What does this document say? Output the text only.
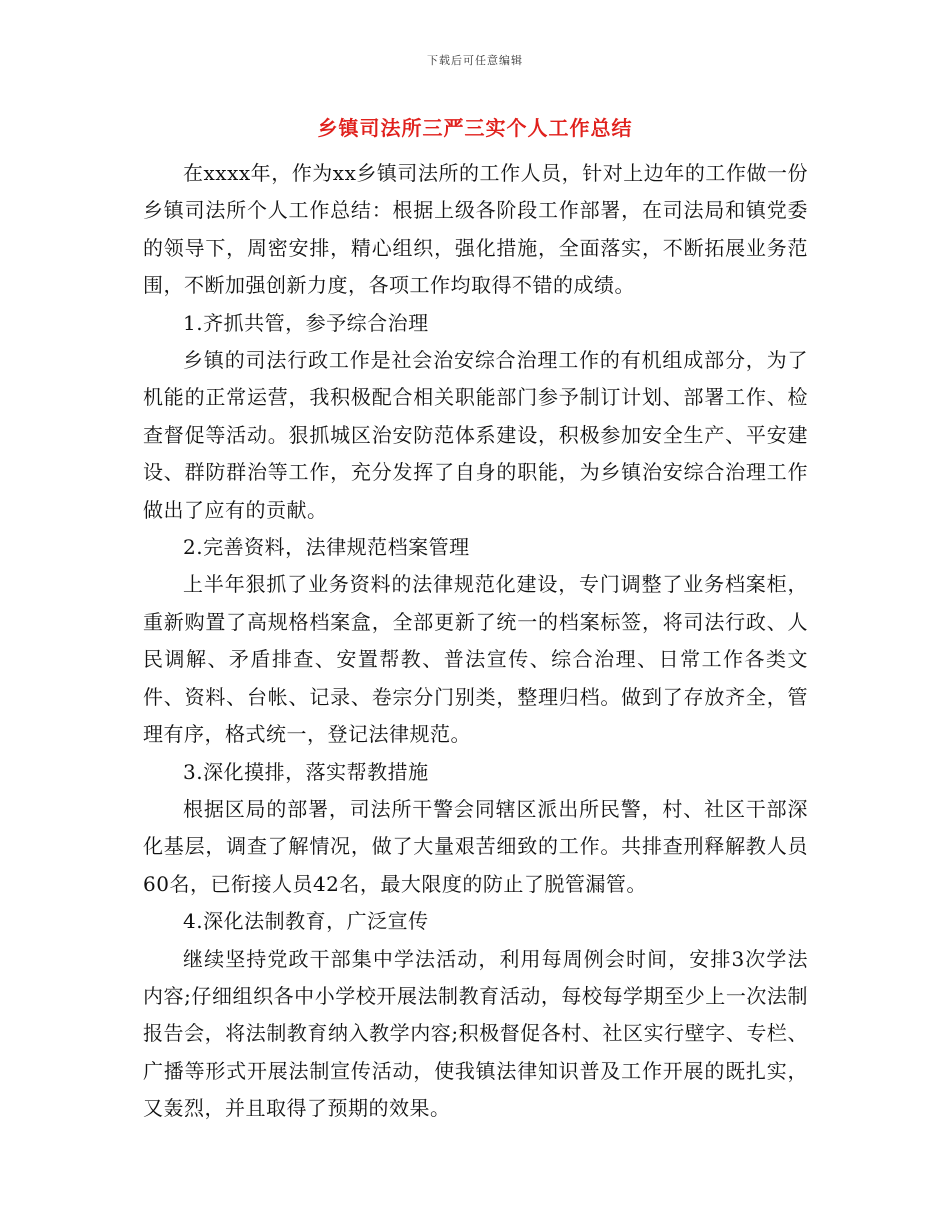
下载后可任意编辑
乡镇司法所三严三实个人工作总结

在xxxx年，作为xx乡镇司法所的工作人员，针对上边年的工作做一份乡镇司法所个人工作总结：根据上级各阶段工作部署，在司法局和镇党委的领导下，周密安排，精心组织，强化措施，全面落实，不断拓展业务范围，不断加强创新力度，各项工作均取得不错的成绩。

1.齐抓共管，参予综合治理

乡镇的司法行政工作是社会治安综合治理工作的有机组成部分，为了机能的正常运营，我积极配合相关职能部门参予制订计划、部署工作、检查督促等活动。狠抓城区治安防范体系建设，积极参加安全生产、平安建设、群防群治等工作，充分发挥了自身的职能，为乡镇治安综合治理工作做出了应有的贡献。

2.完善资料，法律规范档案管理

上半年狠抓了业务资料的法律规范化建设，专门调整了业务档案柜，重新购置了高规格档案盒，全部更新了统一的档案标签，将司法行政、人民调解、矛盾排查、安置帮教、普法宣传、综合治理、日常工作各类文件、资料、台帐、记录、卷宗分门别类，整理归档。做到了存放齐全，管理有序，格式统一，登记法律规范。

3.深化摸排，落实帮教措施

根据区局的部署，司法所干警会同辖区派出所民警，村、社区干部深化基层，调查了解情况，做了大量艰苦细致的工作。共排查刑释解教人员60名，已衔接人员42名，最大限度的防止了脱管漏管。

4.深化法制教育，广泛宣传

继续坚持党政干部集中学法活动，利用每周例会时间，安排3次学法内容;仔细组织各中小学校开展法制教育活动，每校每学期至少上一次法制报告会，将法制教育纳入教学内容;积极督促各村、社区实行壁字、专栏、广播等形式开展法制宣传活动，使我镇法律知识普及工作开展的既扎实，又轰烈，并且取得了预期的效果。
